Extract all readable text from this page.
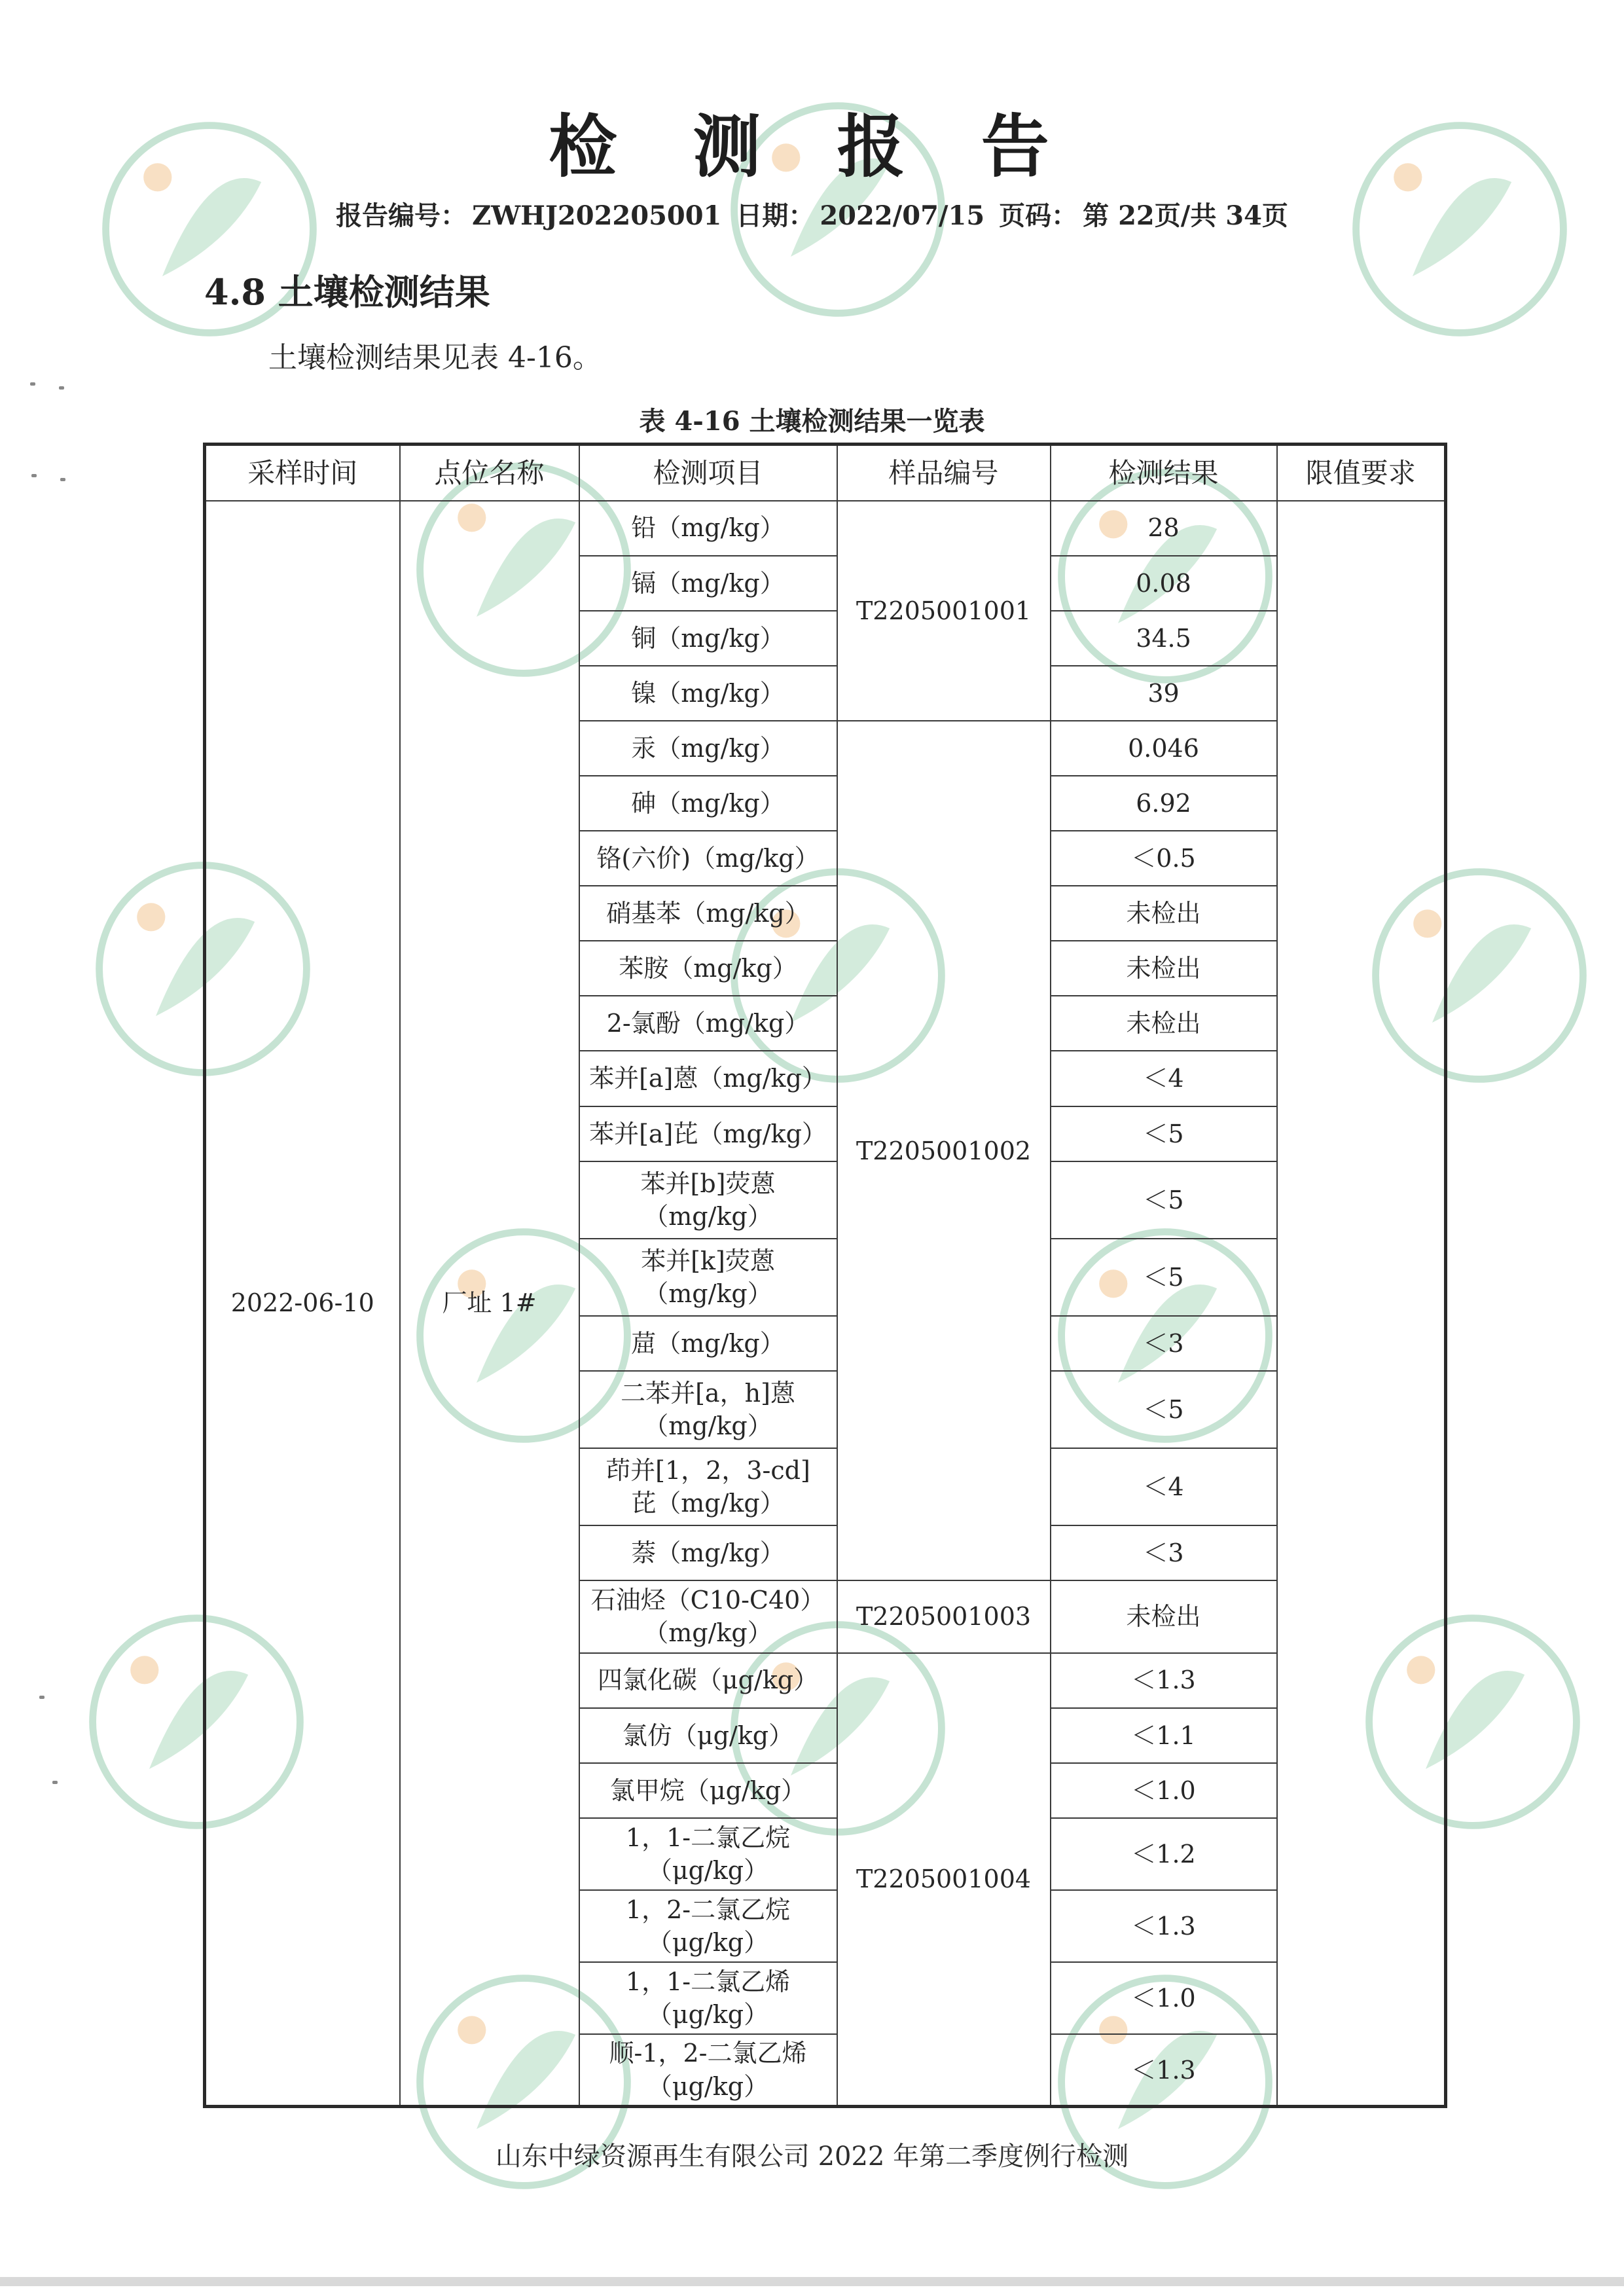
检 测 报 告
报告编号： ZWHJ202205001 日期： 2022/07/15 页码： 第 22页/共 34页
4.8 土壤检测结果
土壤检测结果见表 4-16。
表 4-16 土壤检测结果一览表
采样时间	点位名称	检测项目	样品编号	检测结果	限值要求
2022-06-10	厂址 1#	铅（mg/kg）	T2205001001	28	
		镉（mg/kg）		0.08	
		铜（mg/kg）		34.5	
		镍（mg/kg）		39	
		汞（mg/kg）	T2205001002	0.046	
		砷（mg/kg）		6.92	
		铬(六价)（mg/kg）		＜0.5	
		硝基苯（mg/kg）		未检出	
		苯胺（mg/kg）		未检出	
		2-氯酚（mg/kg）		未检出	
		苯并[a]蒽（mg/kg）		＜4	
		苯并[a]芘（mg/kg）		＜5	

		苯并[b]荧蒽
（mg/kg）		＜5	

		苯并[k]荧蒽
（mg/kg）		＜5	
		䓛（mg/kg）		＜3	

		二苯并[a，h]蒽
（mg/kg）		＜5	

		茚并[1，2，3-cd]
芘（mg/kg）		＜4	
		萘（mg/kg）		＜3	

		石油烃（C10-C40）
（mg/kg）	T2205001003	未检出	
		四氯化碳（μg/kg）	T2205001004	＜1.3	
		氯仿（μg/kg）		＜1.1	
		氯甲烷（μg/kg）		＜1.0	

		1，1-二氯乙烷
（μg/kg）		＜1.2	

		1，2-二氯乙烷
（μg/kg）		＜1.3	

		1，1-二氯乙烯
（μg/kg）		＜1.0	

		顺-1，2-二氯乙烯
（μg/kg）		＜1.3	
山东中绿资源再生有限公司 2022 年第二季度例行检测
